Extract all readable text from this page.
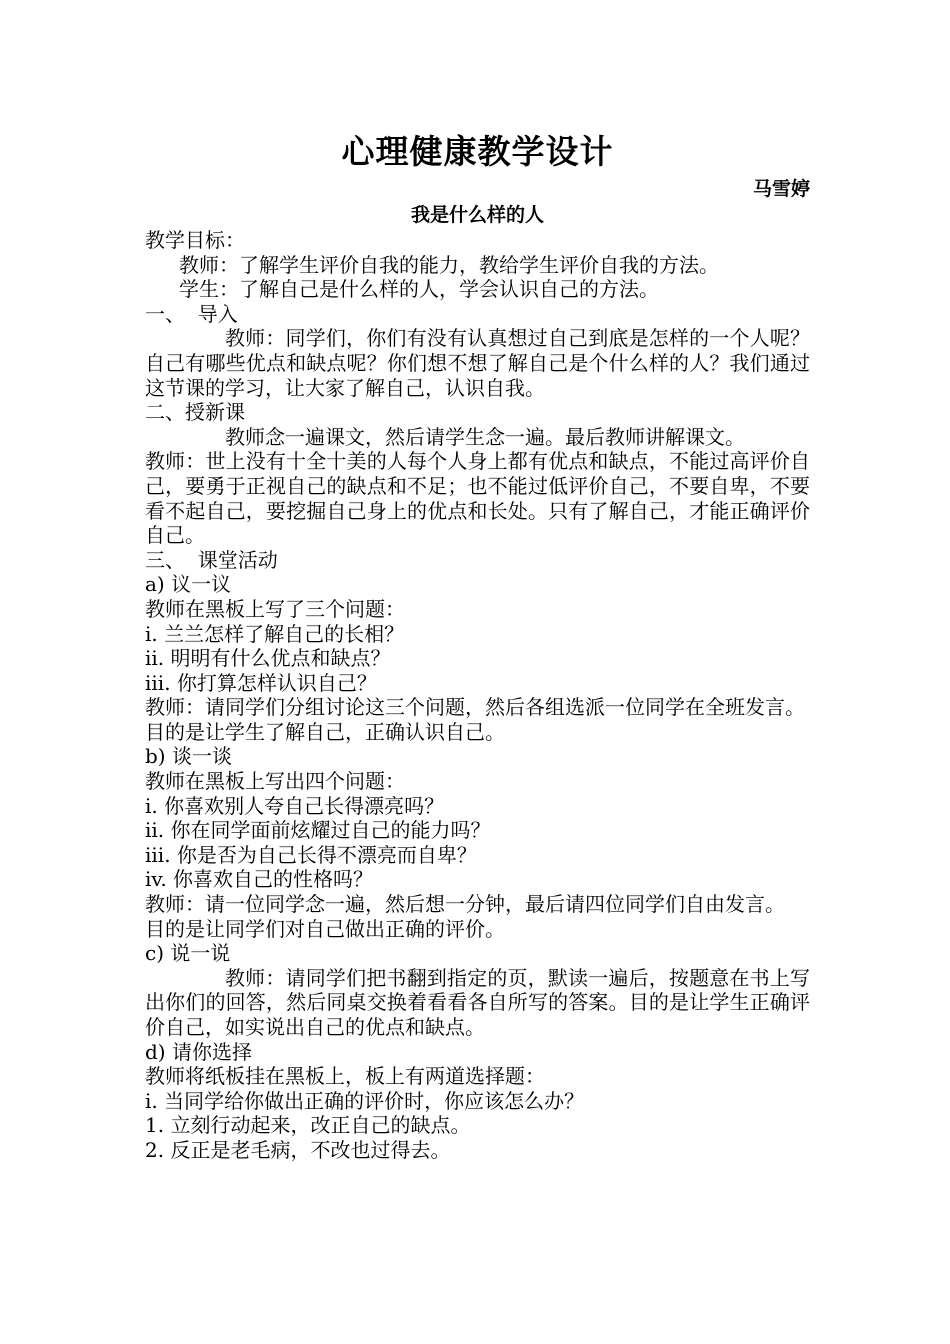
心理健康教学设计
马雪婷
我是什么样的人
教学目标：
教师：了解学生评价自我的能力，教给学生评价自我的方法。
学生：了解自己是什么样的人，学会认识自己的方法。
一、  导入
教师：同学们，你们有没有认真想过自己到底是怎样的一个人呢？自己有哪些优点和缺点呢？你们想不想了解自己是个什么样的人？我们通过这节课的学习，让大家了解自己，认识自我。
二、授新课
教师念一遍课文，然后请学生念一遍。最后教师讲解课文。
教师：世上没有十全十美的人每个人身上都有优点和缺点，不能过高评价自己，要勇于正视自己的缺点和不足；也不能过低评价自己，不要自卑，不要看不起自己，要挖掘自己身上的优点和长处。只有了解自己，才能正确评价自己。
三、  课堂活动
a) 议一议
教师在黑板上写了三个问题：
i. 兰兰怎样了解自己的长相？
ii. 明明有什么优点和缺点？
iii. 你打算怎样认识自己？
教师：请同学们分组讨论这三个问题，然后各组选派一位同学在全班发言。
目的是让学生了解自己，正确认识自己。
b) 谈一谈
教师在黑板上写出四个问题：
i. 你喜欢别人夸自己长得漂亮吗？
ii. 你在同学面前炫耀过自己的能力吗？
iii. 你是否为自己长得不漂亮而自卑？
iv. 你喜欢自己的性格吗？
教师：请一位同学念一遍，然后想一分钟，最后请四位同学们自由发言。
目的是让同学们对自己做出正确的评价。
c) 说一说
教师：请同学们把书翻到指定的页，默读一遍后，按题意在书上写出你们的回答，然后同桌交换着看看各自所写的答案。目的是让学生正确评价自己，如实说出自己的优点和缺点。
d) 请你选择
教师将纸板挂在黑板上，板上有两道选择题：
i. 当同学给你做出正确的评价时，你应该怎么办？
1. 立刻行动起来，改正自己的缺点。
2. 反正是老毛病，不改也过得去。
